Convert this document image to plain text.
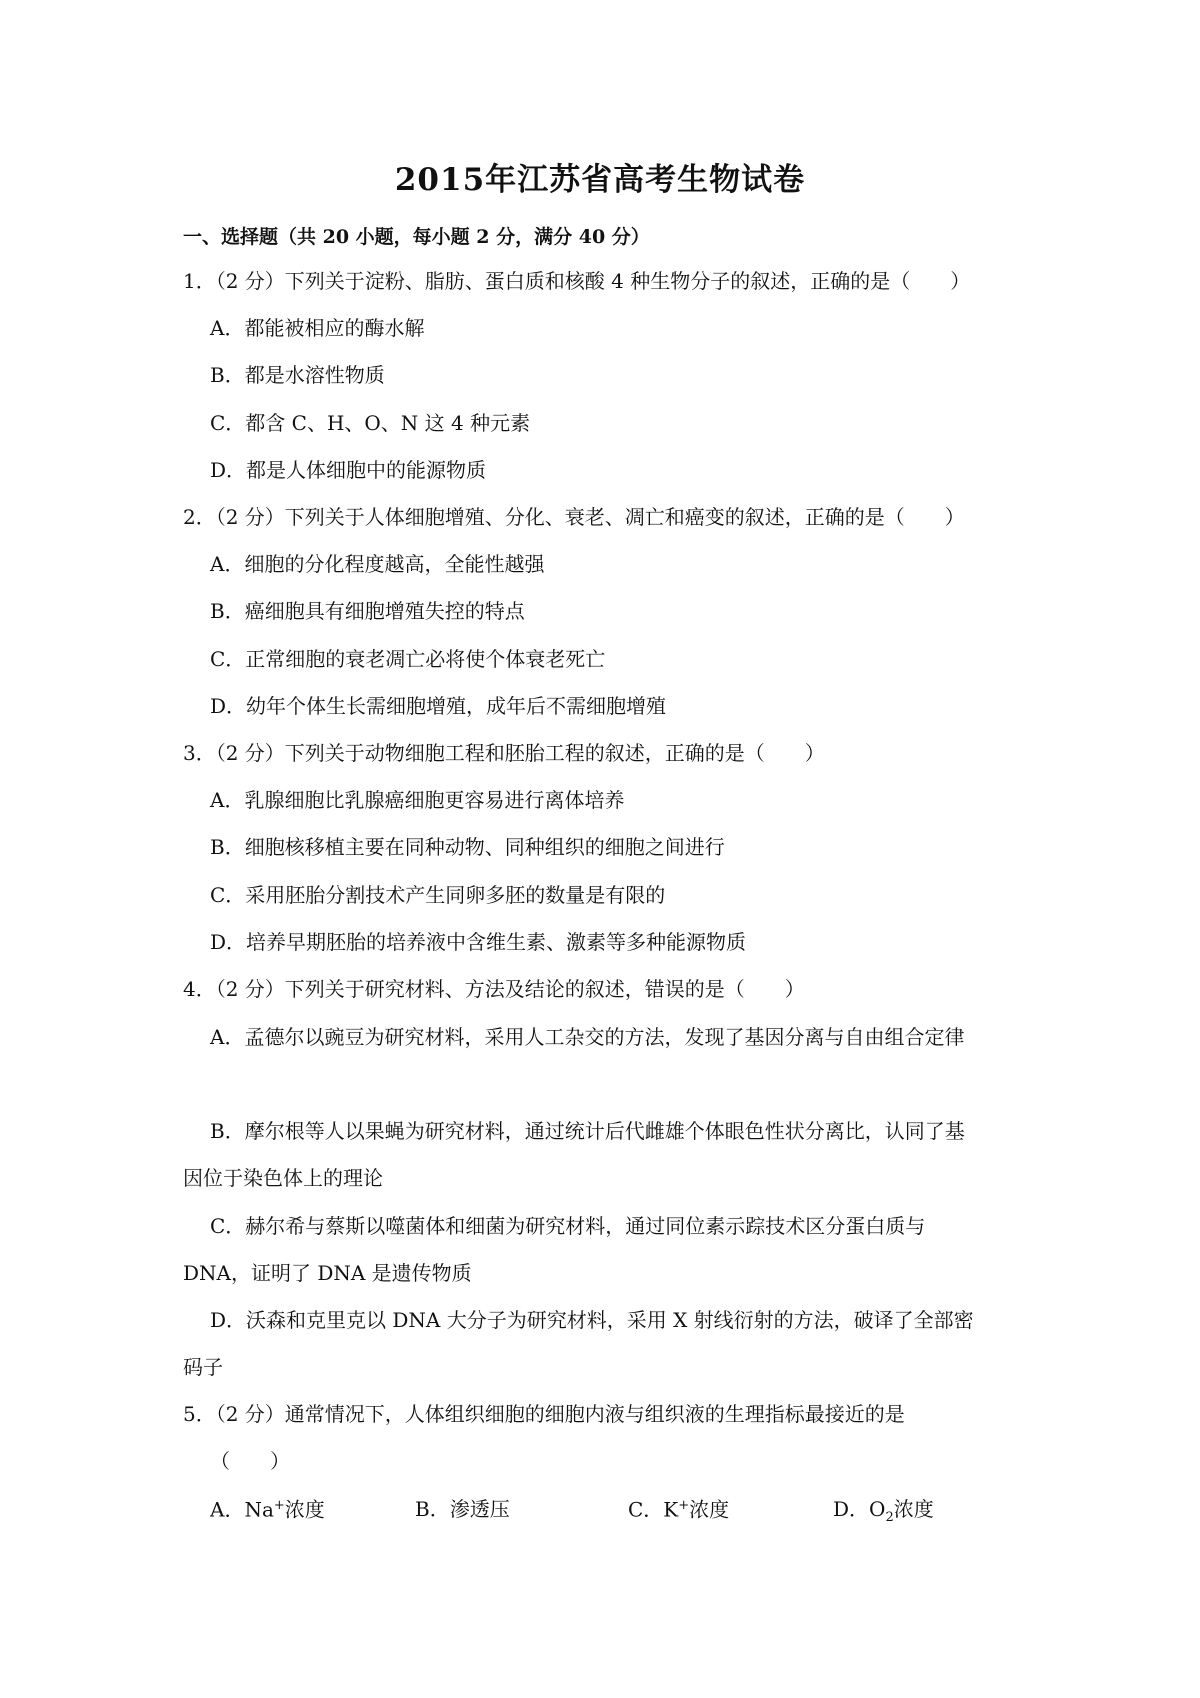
2015年江苏省高考生物试卷
一、选择题（共 20 小题，每小题 2 分，满分 40 分）
1．（2 分）下列关于淀粉、脂肪、蛋白质和核酸 4 种生物分子的叙述，正确的是（　　）
A．都能被相应的酶水解
B．都是水溶性物质
C．都含 C、H、O、N 这 4 种元素
D．都是人体细胞中的能源物质
2．（2 分）下列关于人体细胞增殖、分化、衰老、凋亡和癌变的叙述，正确的是（　　）
A．细胞的分化程度越高，全能性越强
B．癌细胞具有细胞增殖失控的特点
C．正常细胞的衰老凋亡必将使个体衰老死亡
D．幼年个体生长需细胞增殖，成年后不需细胞增殖
3．（2 分）下列关于动物细胞工程和胚胎工程的叙述，正确的是（　　）
A．乳腺细胞比乳腺癌细胞更容易进行离体培养
B．细胞核移植主要在同种动物、同种组织的细胞之间进行
C．采用胚胎分割技术产生同卵多胚的数量是有限的
D．培养早期胚胎的培养液中含维生素、激素等多种能源物质
4．（2 分）下列关于研究材料、方法及结论的叙述，错误的是（　　）
A．孟德尔以豌豆为研究材料，采用人工杂交的方法，发现了基因分离与自由组合定律
B．摩尔根等人以果蝇为研究材料，通过统计后代雌雄个体眼色性状分离比，认同了基
因位于染色体上的理论
C．赫尔希与蔡斯以噬菌体和细菌为研究材料，通过同位素示踪技术区分蛋白质与
DNA，证明了 DNA 是遗传物质
D．沃森和克里克以 DNA 大分子为研究材料，采用 X 射线衍射的方法，破译了全部密
码子
5．（2 分）通常情况下，人体组织细胞的细胞内液与组织液的生理指标最接近的是
（　　）
A．Na+浓度	B．渗透压	C．K+浓度	D．$O_2$浓度
